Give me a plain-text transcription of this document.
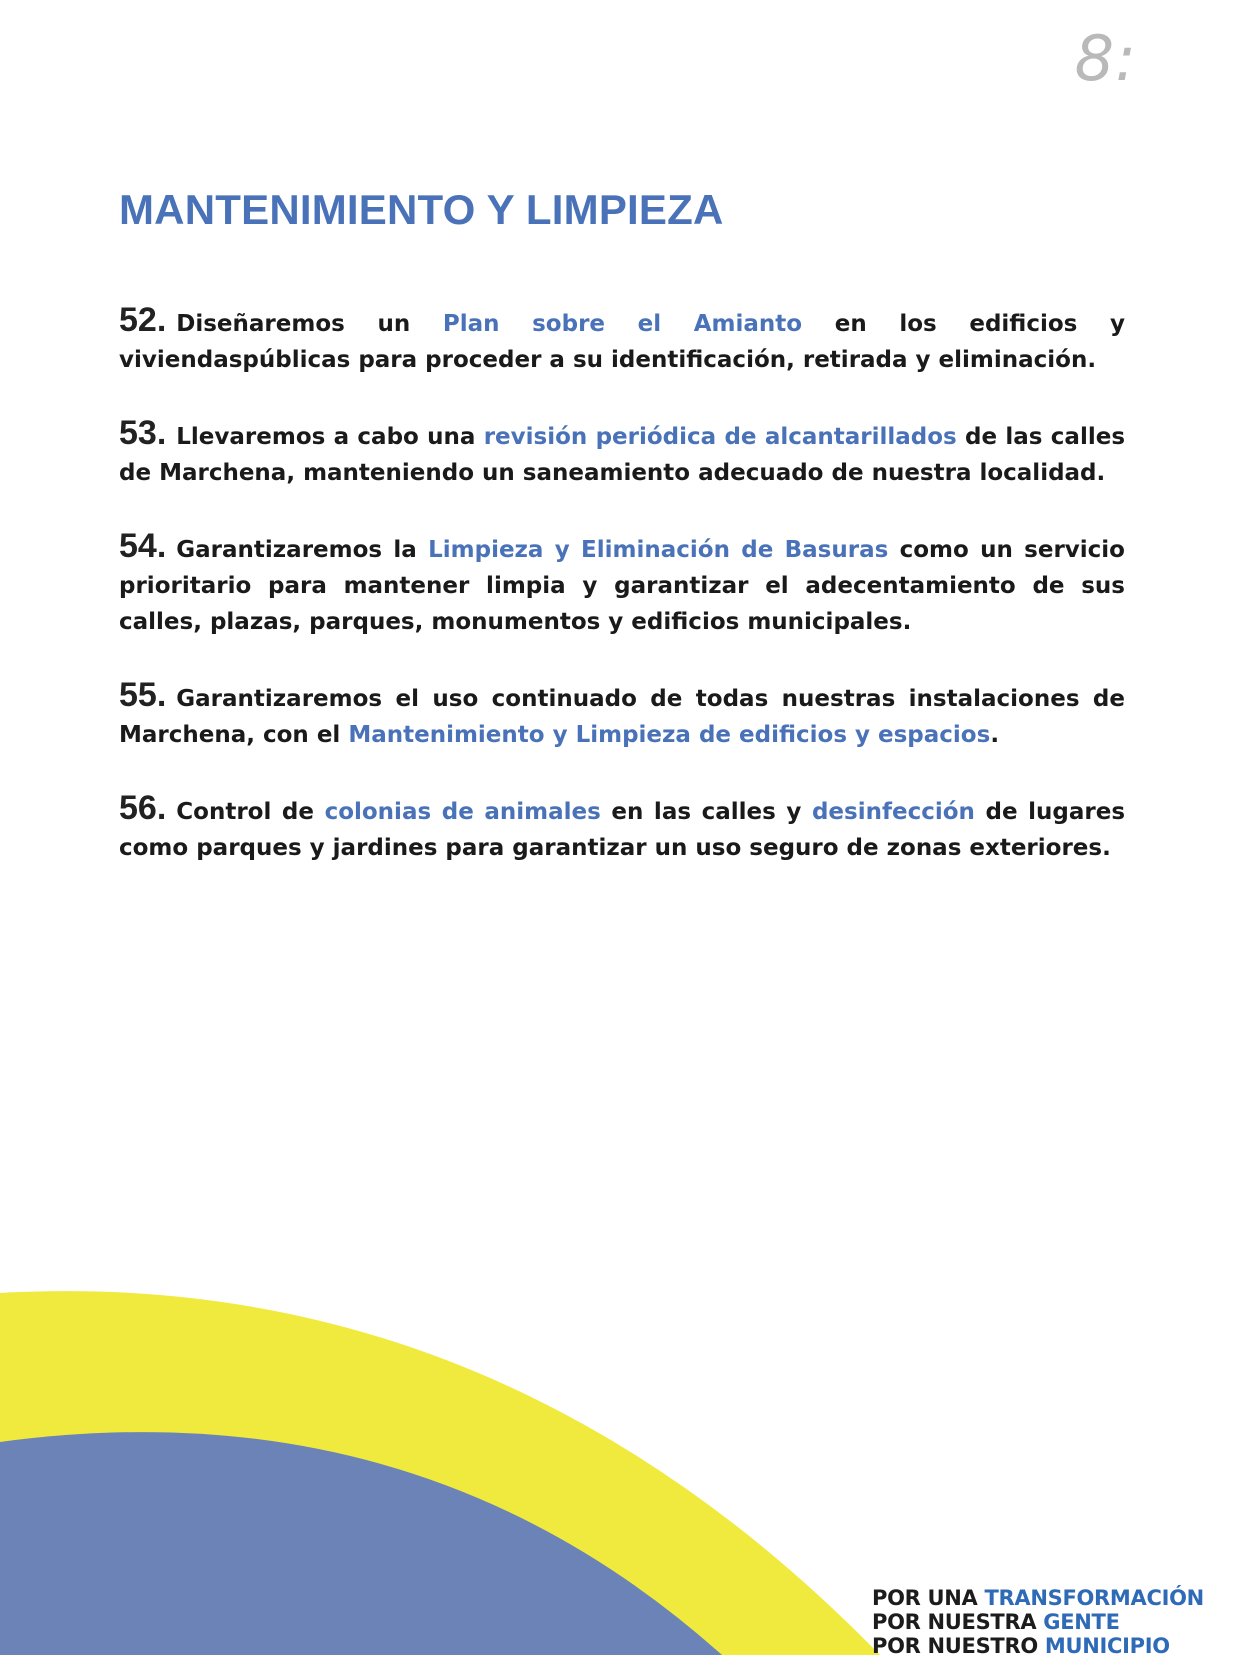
8:
MANTENIMIENTO Y LIMPIEZA

52. Diseñaremos un Plan sobre el Amianto en los edificios y viviendaspúblicas para proceder a su identificación, retirada y eliminación.

53. Llevaremos a cabo una revisión periódica de alcantarillados de las calles de Marchena, manteniendo un saneamiento adecuado de nuestra localidad.

54. Garantizaremos la Limpieza y Eliminación de Basuras como un servicio prioritario para mantener limpia y garantizar el adecentamiento de sus calles, plazas, parques, monumentos y edificios municipales.

55. Garantizaremos el uso continuado de todas nuestras instalaciones de Marchena, con el Mantenimiento y Limpieza de edificios y espacios.

56. Control de colonias de animales en las calles y desinfección de lugares como parques y jardines para garantizar un uso seguro de zonas exteriores.

POR UNA TRANSFORMACIÓN
POR NUESTRA GENTE
POR NUESTRO MUNICIPIO
